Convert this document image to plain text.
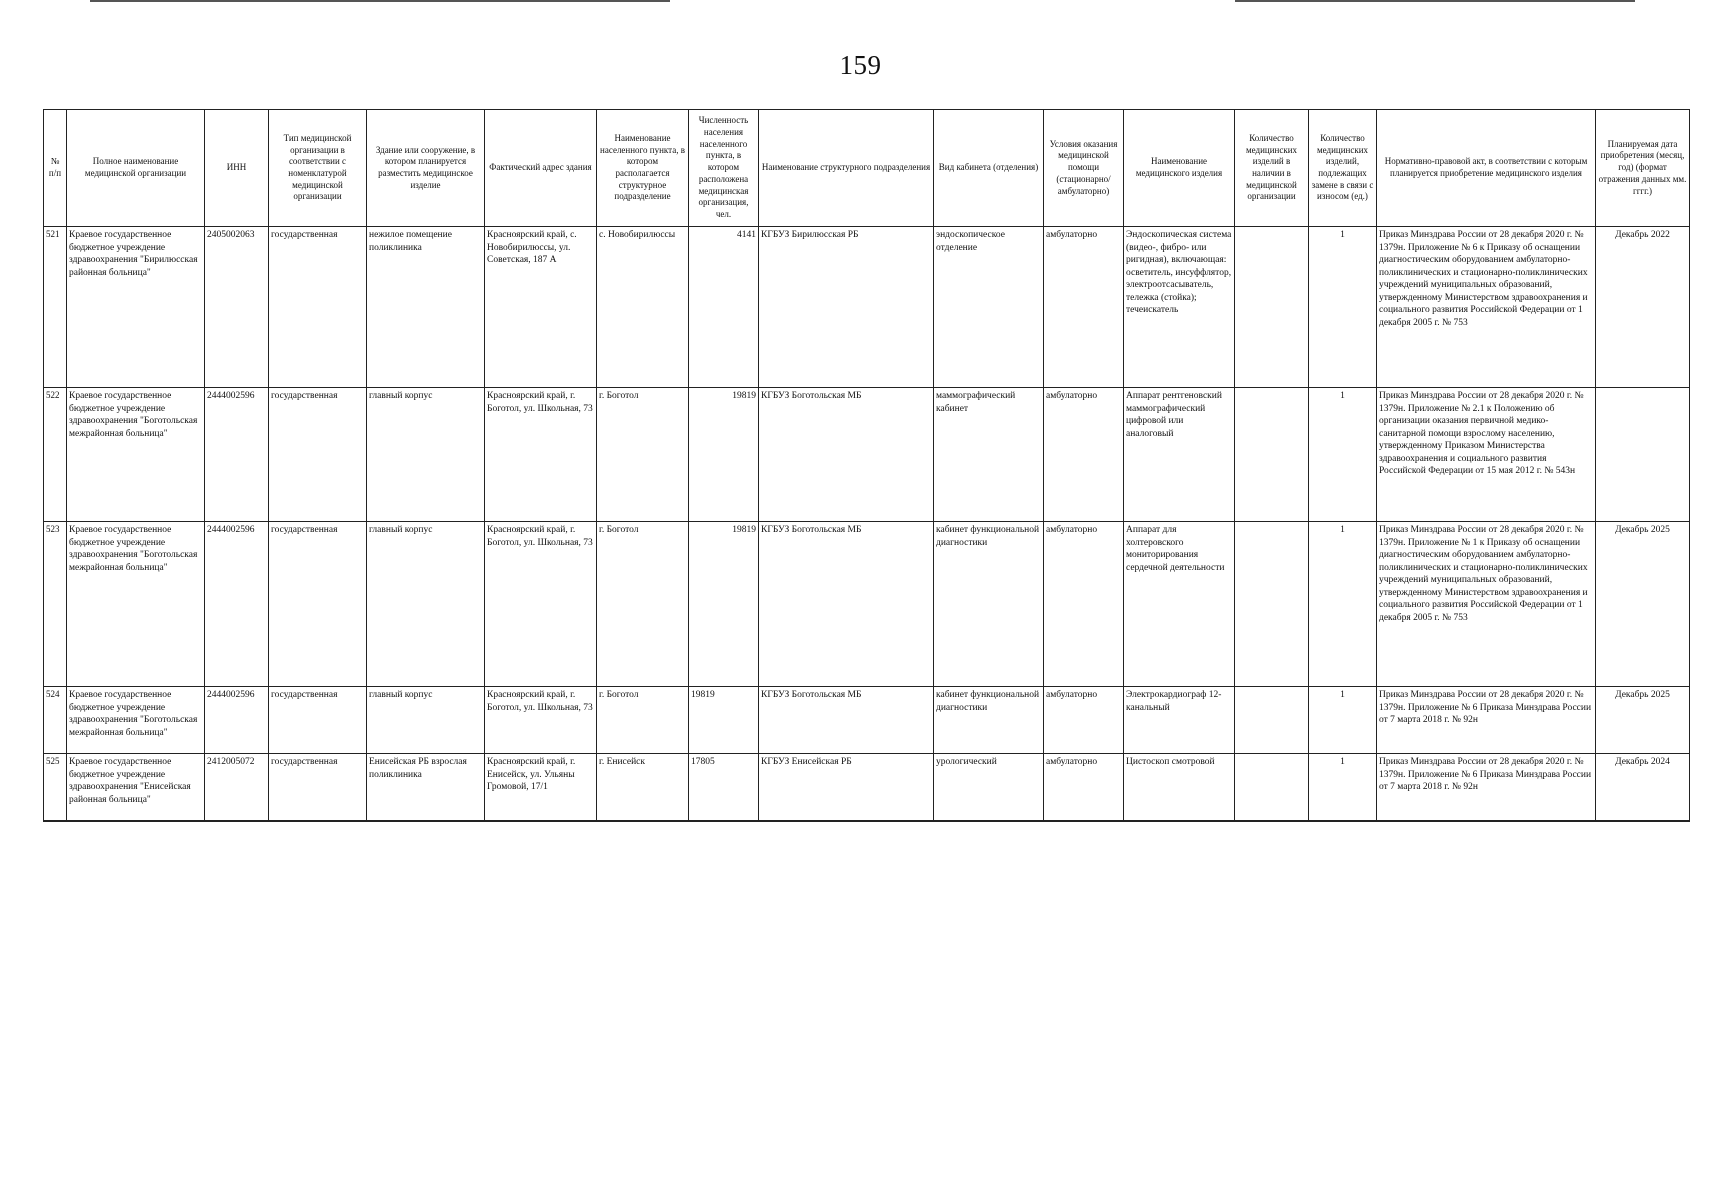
159
№ п/п	Полное наименование медицинской организации	ИНН	Тип медицинской организации в соответствии с номенклатурой медицинской организации	Здание или сооружение, в котором планируется разместить медицинское изделие	Фактический адрес здания	Наименование населенного пункта, в котором располагается структурное подразделение	Численность населения населенного пункта, в котором расположена медицинская организация, чел.	Наименование структурного подразделения	Вид кабинета (отделения)	Условия оказания медицинской помощи (стационарно/ амбулаторно)	Наименование медицинского изделия	Количество медицинских изделий в наличии в медицинской организации	Количество медицинских изделий, подлежащих замене в связи с износом (ед.)	Нормативно-правовой акт, в соответствии с которым планируется приобретение медицинского изделия	Планируемая дата приобретения (месяц, год) (формат отражения данных мм. гггг.)
521	Краевое государственное бюджетное учреждение здравоохранения "Бирилюсская районная больница"	2405002063	государственная	нежилое помещение поликлиника	Красноярский край, с. Новобирилюссы, ул. Советская, 187 А	с. Новобирилюссы	4141	КГБУЗ Бирилюсская РБ	эндоскопическое отделение	амбулаторно	Эндоскопическая система (видео-, фибро- или ригидная), включающая: осветитель, инсуффлятор, электроотсасыватель, тележка (стойка); течеискатель		1	Приказ Минздрава России от 28 декабря 2020 г. № 1379н. Приложение № 6 к Приказу об оснащении диагностическим оборудованием амбулаторно-поликлинических и стационарно-поликлинических учреждений муниципальных образований, утвержденному Министерством здравоохранения и социального развития Российской Федерации от 1 декабря 2005 г. № 753	Декабрь 2022
522	Краевое государственное бюджетное учреждение здравоохранения "Боготольская межрайонная больница"	2444002596	государственная	главный корпус	Красноярский край, г. Боготол, ул. Школьная, 73	г. Боготол	19819	КГБУЗ Боготольская МБ	маммографический кабинет	амбулаторно	Аппарат рентгеновский маммографический цифровой или аналоговый		1	Приказ Минздрава России от 28 декабря 2020 г. № 1379н. Приложение № 2.1 к Положению об организации оказания первичной медико-санитарной помощи взрослому населению, утвержденному Приказом Министерства здравоохранения и социального развития Российской Федерации от 15 мая 2012 г. № 543н	
523	Краевое государственное бюджетное учреждение здравоохранения "Боготольская межрайонная больница"	2444002596	государственная	главный корпус	Красноярский край, г. Боготол, ул. Школьная, 73	г. Боготол	19819	КГБУЗ Боготольская МБ	кабинет функциональной диагностики	амбулаторно	Аппарат для холтеровского мониторирования сердечной деятельности		1	Приказ Минздрава России от 28 декабря 2020 г. № 1379н. Приложение № 1 к Приказу об оснащении диагностическим оборудованием амбулаторно-поликлинических и стационарно-поликлинических учреждений муниципальных образований, утвержденному Министерством здравоохранения и социального развития Российской Федерации от 1 декабря 2005 г. № 753	Декабрь 2025
524	Краевое государственное бюджетное учреждение здравоохранения "Боготольская межрайонная больница"	2444002596	государственная	главный корпус	Красноярский край, г. Боготол, ул. Школьная, 73	г. Боготол	19819	КГБУЗ Боготольская МБ	кабинет функциональной диагностики	амбулаторно	Электрокардиограф 12-канальный		1	Приказ Минздрава России от 28 декабря 2020 г. № 1379н. Приложение № 6 Приказа Минздрава России от 7 марта 2018 г. № 92н	Декабрь 2025
525	Краевое государственное бюджетное учреждение здравоохранения "Енисейская районная больница"	2412005072	государственная	Енисейская РБ взрослая поликлиника	Красноярский край, г. Енисейск, ул. Ульяны Громовой, 17/1	г. Енисейск	17805	КГБУЗ Енисейская РБ	урологический	амбулаторно	Цистоскоп смотровой		1	Приказ Минздрава России от 28 декабря 2020 г. № 1379н. Приложение № 6 Приказа Минздрава России от 7 марта 2018 г. № 92н	Декабрь 2024
